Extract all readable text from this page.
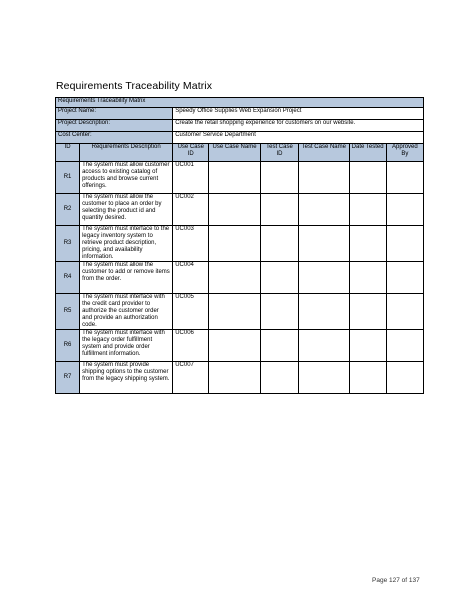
Requirements Traceability Matrix
Requirements Traceability Matrix							
Project Name:		Speedy Office Supplies Web Expansion Project					
Project Description:		Create the retail shopping experience for customers on our website.					
Cost Center:		Customer Service Department					
ID	Requirements Description	Use Case ID	Use Case Name	Test Case ID	Test Case Name	Date Tested	Approved By
R1	The system must allow customer access to existing catalog of products and browse current offerings.	UC001					
R2	The system must allow the customer to place an order by selecting the product id and quantity desired.	UC002					
R3	The system must interface to the legacy inventory system to retrieve product description, pricing, and availability information.	UC003					
R4	The system must allow the customer to add or remove items from the order.	UC004					
R5	The system must interface with the credit card provider to authorize the customer order and provide an authorization code.	UC005					
R6	The system must interface with the legacy order fulfillment system and provide order fulfillment information.	UC006					
R7	The system must provide shipping options to the customer from the legacy shipping system.	UC007					
Page 127 of 137
